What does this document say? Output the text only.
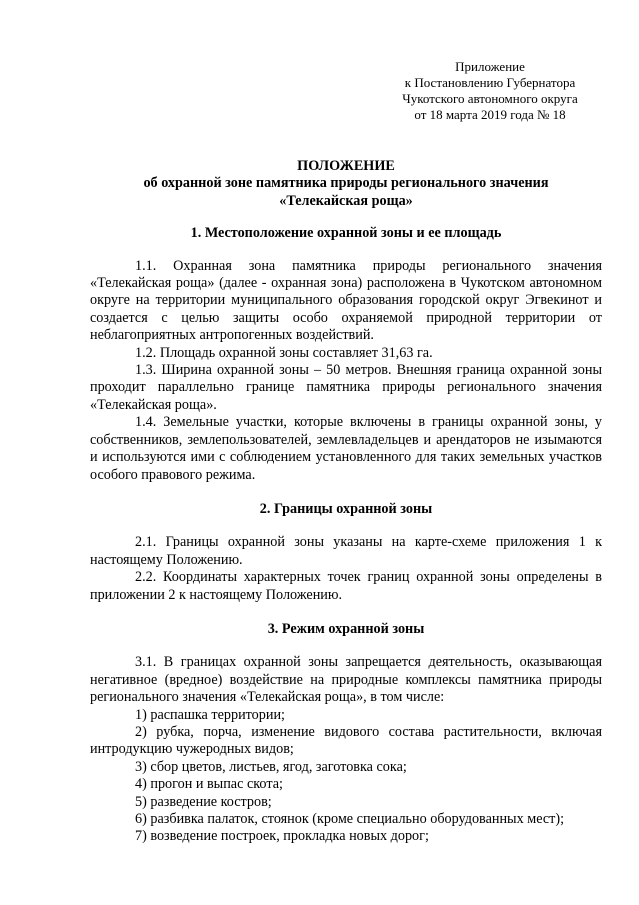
Приложение
к Постановлению Губернатора
Чукотского автономного округа
от 18 марта 2019 года № 18
ПОЛОЖЕНИЕ
об охранной зоне памятника природы регионального значения
«Телекайская роща»
1. Местоположение охранной зоны и ее площадь

1.1. Охранная зона памятника природы регионального значения «Телекайская роща» (далее - охранная зона) расположена в Чукотском автономном округе на территории муниципального образования городской округ Эгвекинот и создается с целью защиты особо охраняемой природной территории от неблагоприятных антропогенных воздействий.

1.2. Площадь охранной зоны составляет 31,63 га.

1.3. Ширина охранной зоны – 50 метров. Внешняя граница охранной зоны проходит параллельно границе памятника природы регионального значения «Телекайская роща».

1.4. Земельные участки, которые включены в границы охранной зоны, у собственников, землепользователей, землевладельцев и арендаторов не изымаются и используются ими с соблюдением установленного для таких земельных участков особого правового режима.

2. Границы охранной зоны

2.1. Границы охранной зоны указаны на карте-схеме приложения 1 к настоящему Положению.

2.2. Координаты характерных точек границ охранной зоны определены в приложении 2 к настоящему Положению.

3. Режим охранной зоны

3.1. В границах охранной зоны запрещается деятельность, оказывающая негативное (вредное) воздействие на природные комплексы памятника природы регионального значения «Телекайская роща», в том числе:

1) распашка территории;

2) рубка, порча, изменение видового состава растительности, включая интродукцию чужеродных видов;

3) сбор цветов, листьев, ягод, заготовка сока;

4) прогон и выпас скота;

5) разведение костров;

6) разбивка палаток, стоянок (кроме специально оборудованных мест);

7) возведение построек, прокладка новых дорог;
